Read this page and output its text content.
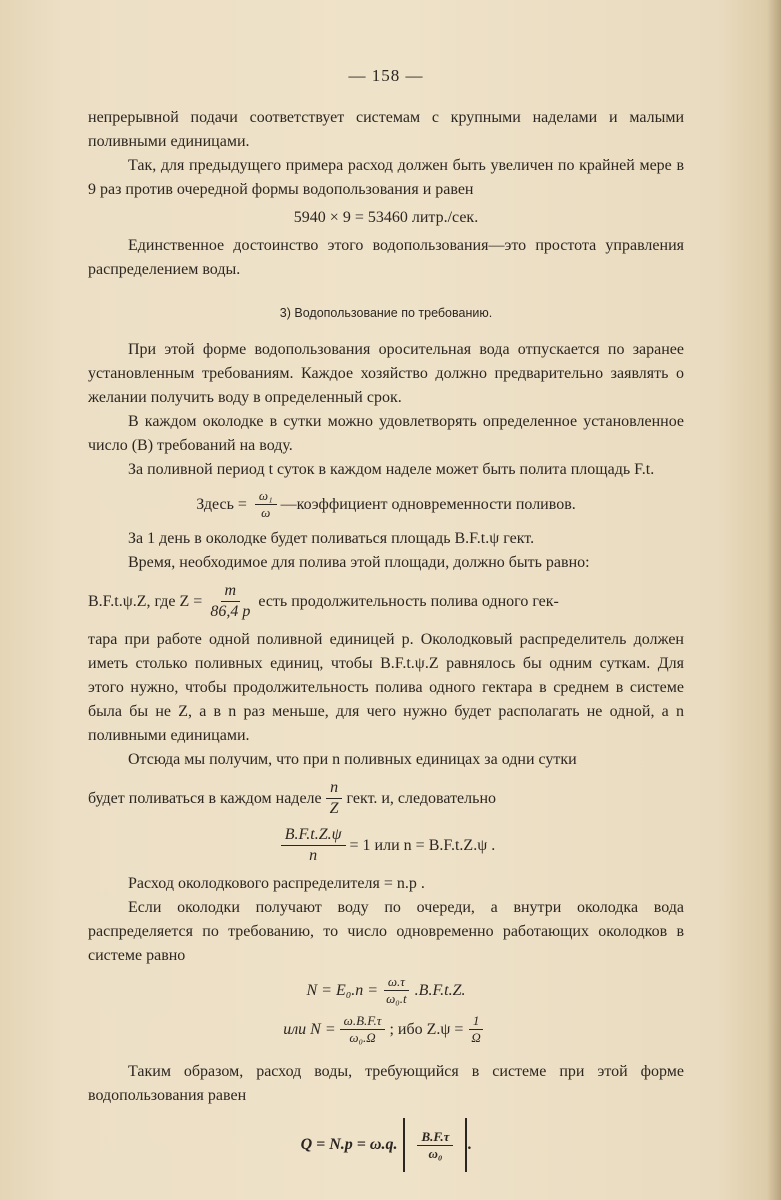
— 158 —

непрерывной подачи соответствует системам с крупными наделами и малыми поливными единицами.

Так, для предыдущего примера расход должен быть увеличен по крайней мере в 9 раз против очередной формы водопользования и равен

5940 × 9 = 53460 литр./сек.

Единственное достоинство этого водопользования—это простота управления распределением воды.

3) Водопользование по требованию.

При этой форме водопользования оросительная вода отпускается по заранее установленным требованиям. Каждое хозяйство должно предварительно заявлять о желании получить воду в определенный срок.

В каждом околодке в сутки можно удовлетворять определенное установленное число (B) требований на воду.

За поливной период t суток в каждом наделе может быть полита площадь F.t.

Здесь = $\frac{\text{ω₁}}{\omega}$ —коэффициент одновременности поливов.

За 1 день в околодке будет поливаться площадь B.F.t.ψ гект.

Время, необходимое для полива этой площади, должно быть равно:

B.F.t.ψ.Z, где $Z = \frac{m}{86,4 p}$ есть продолжительность полива одного гек-

тара при работе одной поливной единицей p. Околодковый распределитель должен иметь столько поливных единиц, чтобы B.F.t.ψ.Z равнялось бы одним суткам. Для этого нужно, чтобы продолжительность полива одного гектара в среднем в системе была бы не Z, а в n раз меньше, для чего нужно будет располагать не одной, а n поливными единицами.

Отсюда мы получим, что при n поливных единицах за одни сутки

будет поливаться в каждом наделе $\frac{n}{Z}$ гект. и, следовательно
$\frac{B.F.t.Z.\psi}{n} = 1$ или n = B.F.t.Z.ψ .

Расход околодкового распределителя = n.p .

Если околодки получают воду по очереди, а внутри околодка вода распределяется по требованию, то число одновременно работающих околодков в системе равно

$N = E_0.n = \frac{\omega.\tau}{\text{ω₀.t}} .B.F.t.Z$.
или $N = \frac{\omega.B.F.\tau}{\text{ω₀.Ω}}$ ; ибо $Z.\psi = \frac{1}{\Omega}$

Таким образом, расход воды, требующийся в системе при этой форме водопользования равен

Q = N.p = ω.q. $\frac{B.F.\tau}{\text{ω₀}}$ .
